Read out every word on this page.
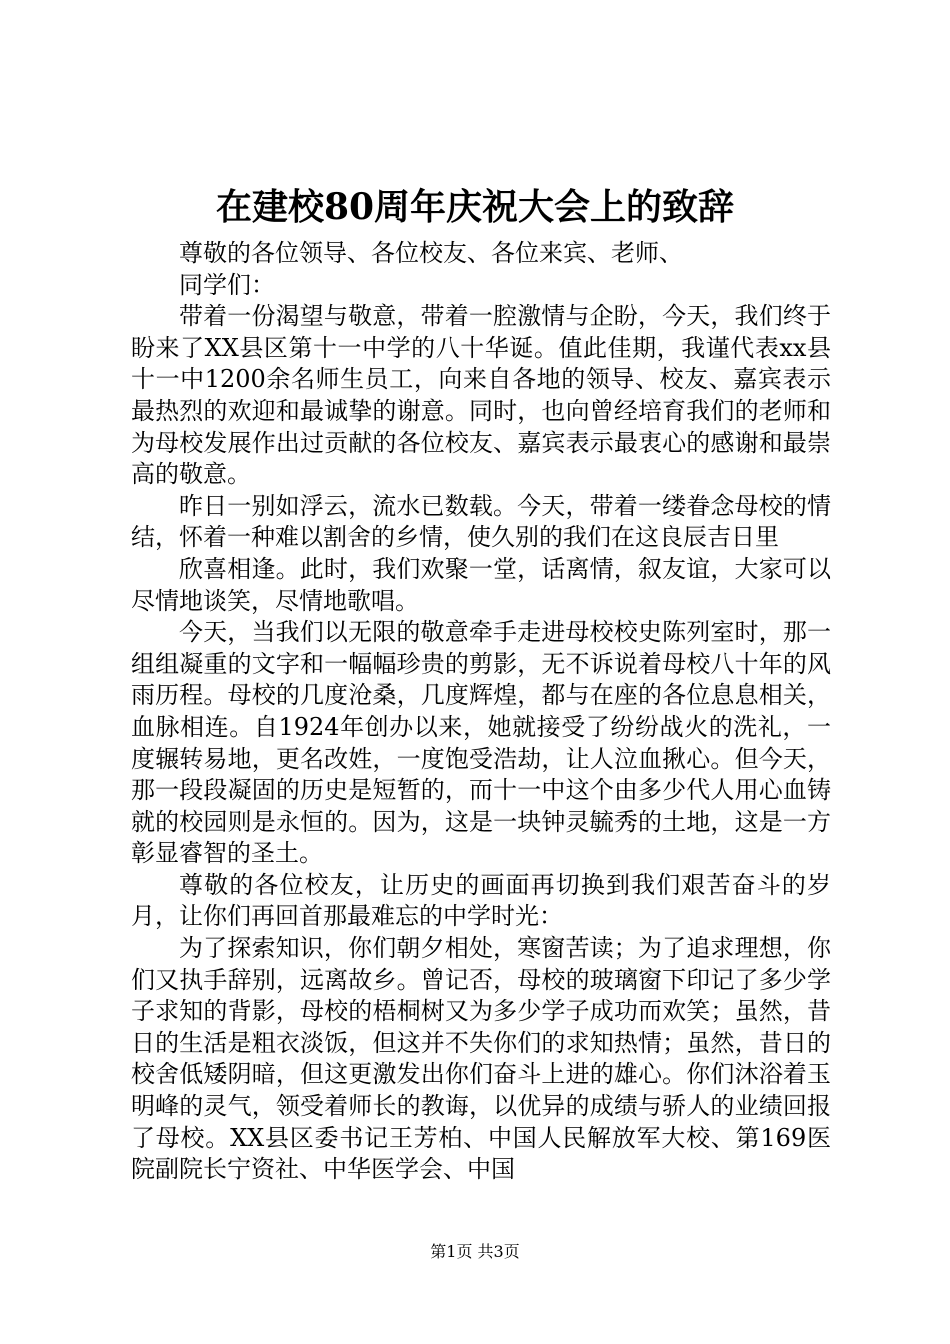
在建校80周年庆祝大会上的致辞

尊敬的各位领导、各位校友、各位来宾、老师、

同学们：

带着一份渴望与敬意，带着一腔激情与企盼，今天，我们终于盼来了XX县区第十一中学的八十华诞。值此佳期，我谨代表xx县十一中1200余名师生员工，向来自各地的领导、校友、嘉宾表示最热烈的欢迎和最诚挚的谢意。同时，也向曾经培育我们的老师和为母校发展作出过贡献的各位校友、嘉宾表示最衷心的感谢和最崇高的敬意。

昨日一别如浮云，流水已数载。今天，带着一缕眷念母校的情结，怀着一种难以割舍的乡情，使久别的我们在这良辰吉日里

欣喜相逢。此时，我们欢聚一堂，话离情，叙友谊，大家可以尽情地谈笑，尽情地歌唱。

今天，当我们以无限的敬意牵手走进母校校史陈列室时，那一组组凝重的文字和一幅幅珍贵的剪影，无不诉说着母校八十年的风雨历程。母校的几度沧桑，几度辉煌，都与在座的各位息息相关，血脉相连。自1924年创办以来，她就接受了纷纷战火的洗礼，一度辗转易地，更名改姓，一度饱受浩劫，让人泣血揪心。但今天，那一段段凝固的历史是短暂的，而十一中这个由多少代人用心血铸就的校园则是永恒的。因为，这是一块钟灵毓秀的土地，这是一方彰显睿智的圣土。

尊敬的各位校友，让历史的画面再切换到我们艰苦奋斗的岁月，让你们再回首那最难忘的中学时光：

为了探索知识，你们朝夕相处，寒窗苦读；为了追求理想，你们又执手辞别，远离故乡。曾记否，母校的玻璃窗下印记了多少学子求知的背影，母校的梧桐树又为多少学子成功而欢笑；虽然，昔日的生活是粗衣淡饭，但这并不失你们的求知热情；虽然，昔日的校舍低矮阴暗，但这更激发出你们奋斗上进的雄心。你们沐浴着玉明峰的灵气，领受着师长的教诲，以优异的成绩与骄人的业绩回报了母校。XX县区委书记王芳柏、中国人民解放军大校、第169医院副院长宁资社、中华医学会、中国

第1页 共3页
